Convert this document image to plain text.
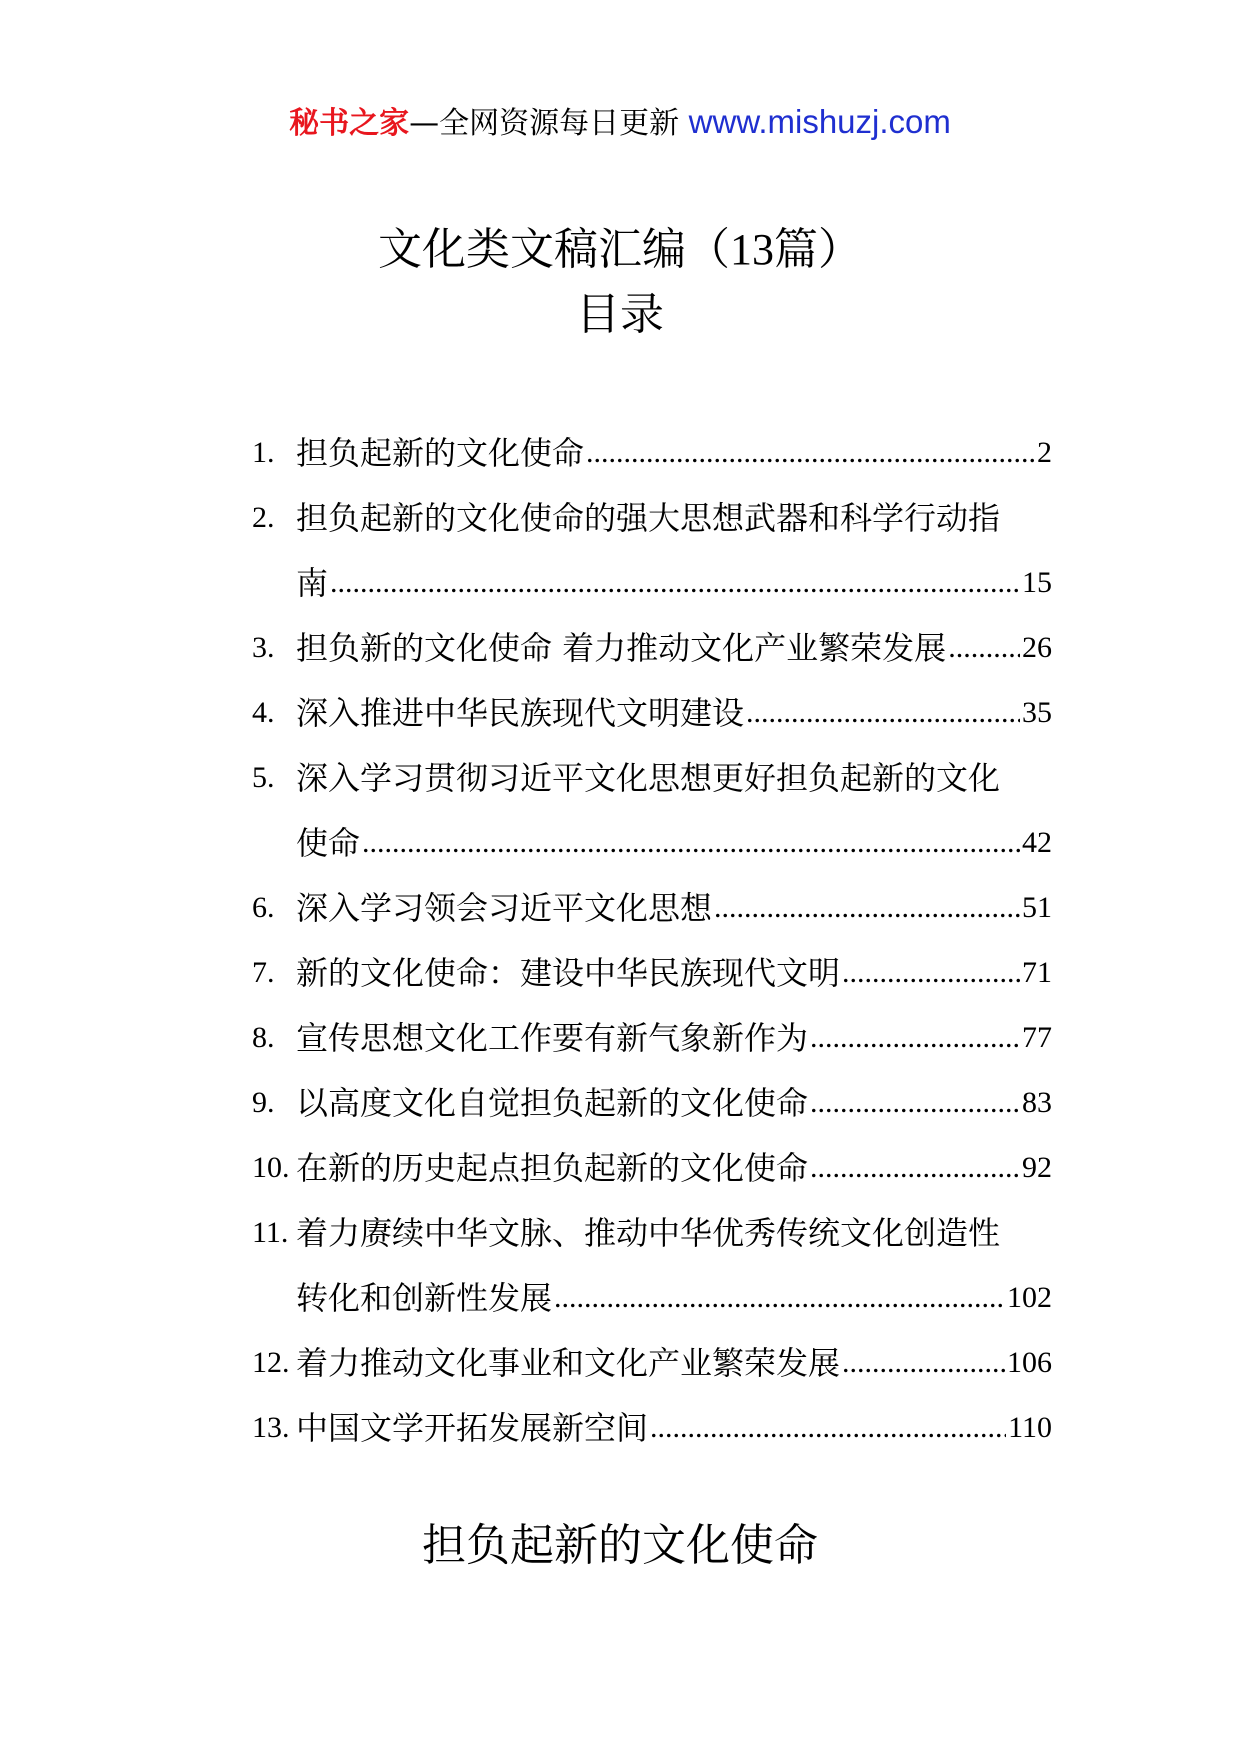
秘书之家—全网资源每日更新 www.mishuzj.com
文化类文稿汇编（13篇）
目录
1. 担负起新的文化使命 .....	2
2. 担负起新的文化使命的强大思想武器和科学行动指
南 .....	15
3. 担负新的文化使命 着力推动文化产业繁荣发展 .....	26
4. 深入推进中华民族现代文明建设 .....	35
5. 深入学习贯彻习近平文化思想更好担负起新的文化
使命 .....	42
6. 深入学习领会习近平文化思想 .....	51
7. 新的文化使命：建设中华民族现代文明 .....	71
8. 宣传思想文化工作要有新气象新作为 .....	77
9. 以高度文化自觉担负起新的文化使命 .....	83
10. 在新的历史起点担负起新的文化使命 .....	92
11. 着力赓续中华文脉、推动中华优秀传统文化创造性
转化和创新性发展 .....	102
12. 着力推动文化事业和文化产业繁荣发展 .....	106
13. 中国文学开拓发展新空间 .....	110
担负起新的文化使命
